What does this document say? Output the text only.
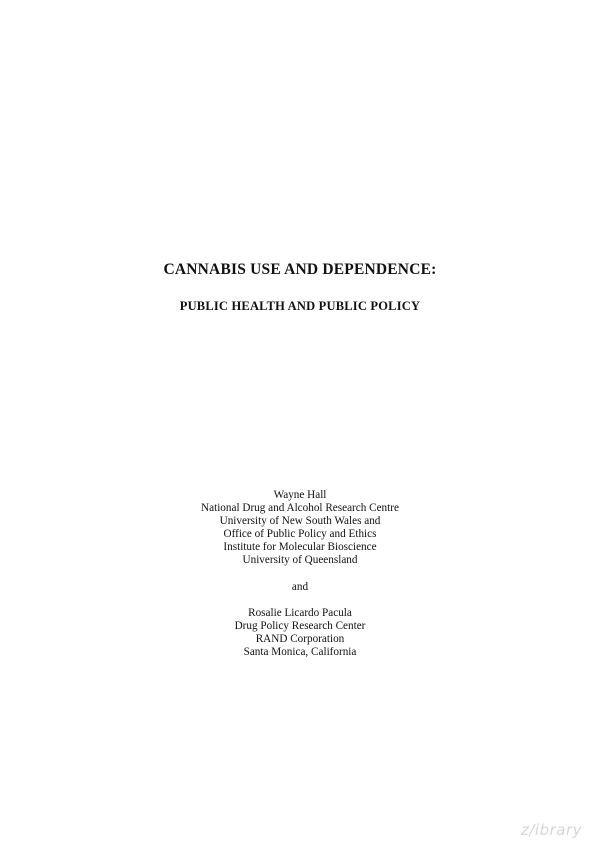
CANNABIS USE AND DEPENDENCE:
PUBLIC HEALTH AND PUBLIC POLICY
Wayne Hall
National Drug and Alcohol Research Centre
University of New South Wales and
Office of Public Policy and Ethics
Institute for Molecular Bioscience
University of Queensland
and
Rosalie Licardo Pacula
Drug Policy Research Center
RAND Corporation
Santa Monica, California
z/ibrary
